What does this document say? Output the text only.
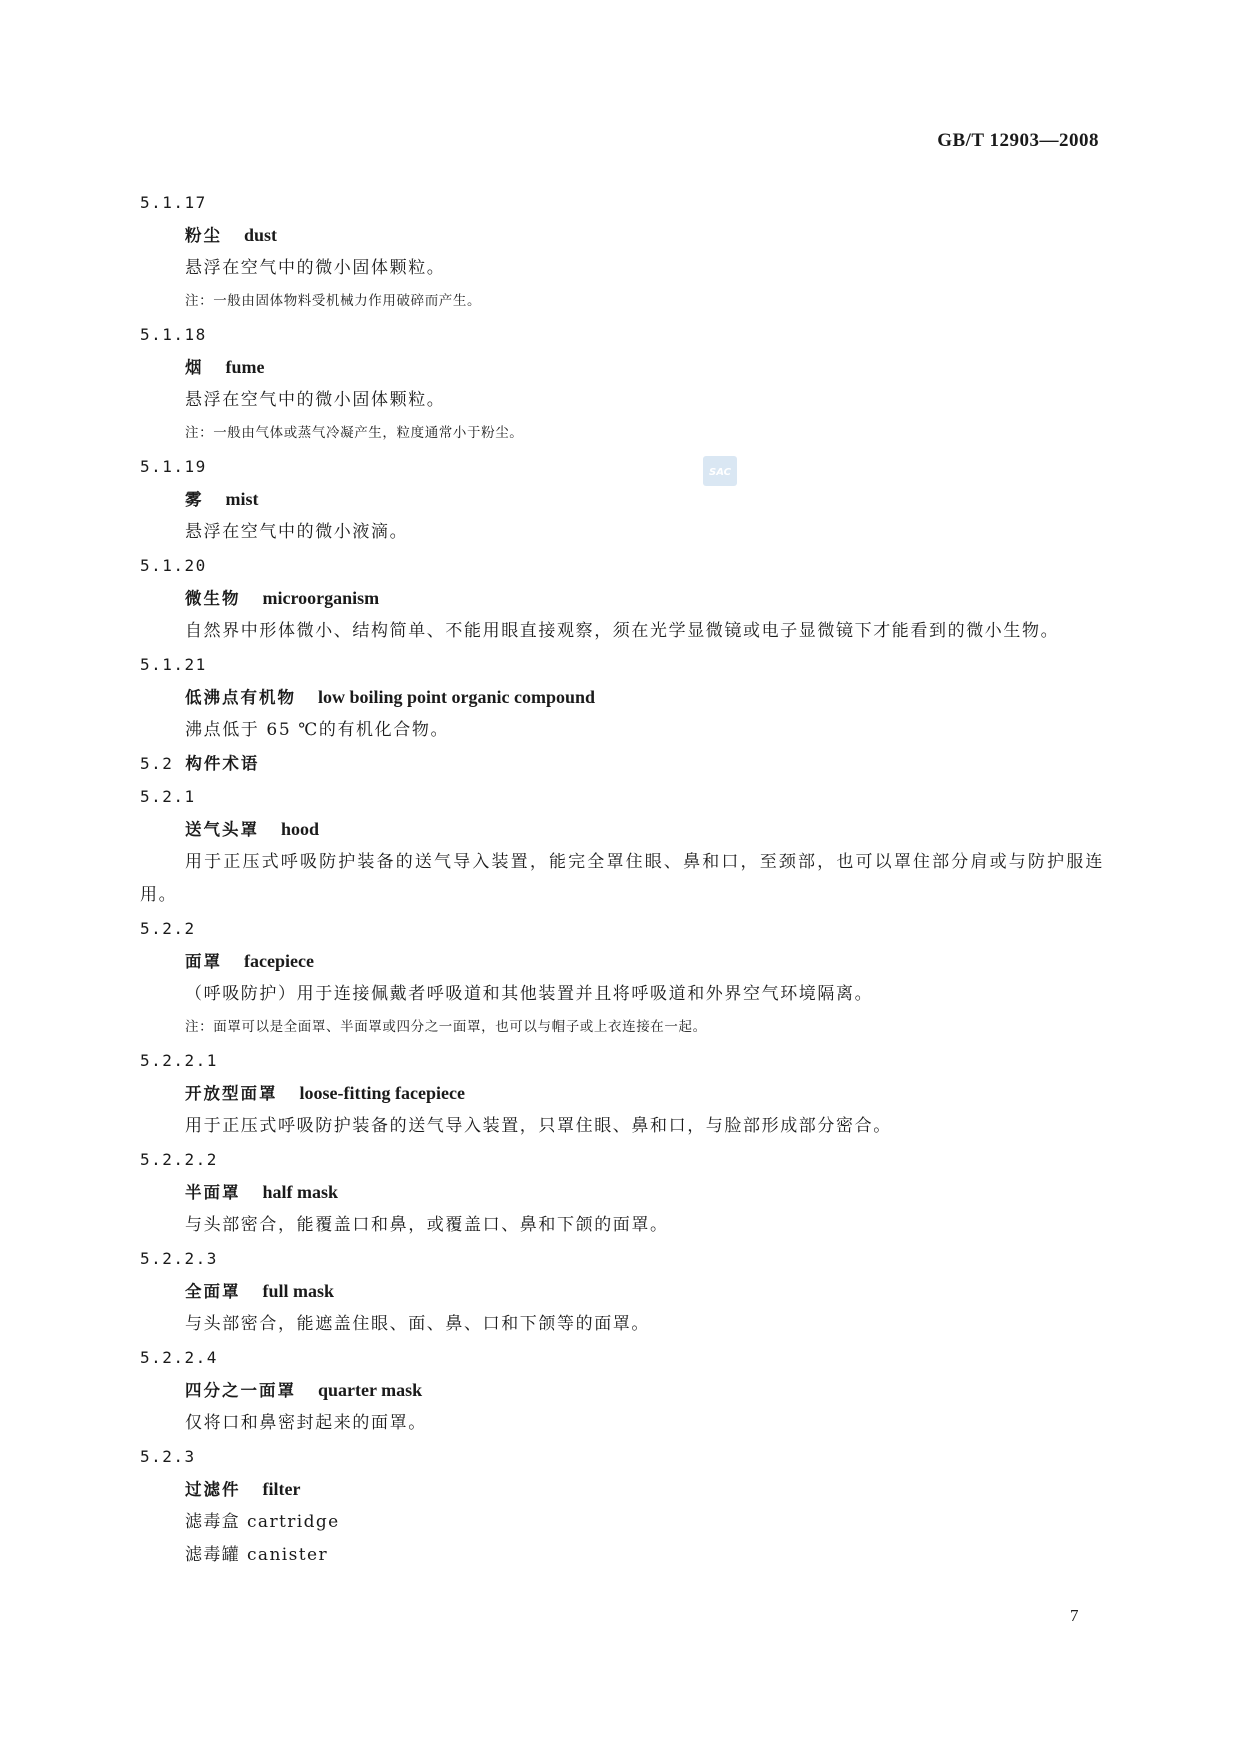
GB/T 12903—2008
SAC
5.1.17
粉尘 dust
悬浮在空气中的微小固体颗粒。
注：一般由固体物料受机械力作用破碎而产生。
5.1.18
烟 fume
悬浮在空气中的微小固体颗粒。
注：一般由气体或蒸气冷凝产生，粒度通常小于粉尘。
5.1.19
雾 mist
悬浮在空气中的微小液滴。
5.1.20
微生物 microorganism
自然界中形体微小、结构简单、不能用眼直接观察，须在光学显微镜或电子显微镜下才能看到的微小生物。
5.1.21
低沸点有机物 low boiling point organic compound
沸点低于 65 ℃的有机化合物。
5.2 构件术语
5.2.1
送气头罩 hood
用于正压式呼吸防护装备的送气导入装置，能完全罩住眼、鼻和口，至颈部，也可以罩住部分肩或与防护服连用。
5.2.2
面罩 facepiece
（呼吸防护）用于连接佩戴者呼吸道和其他装置并且将呼吸道和外界空气环境隔离。
注：面罩可以是全面罩、半面罩或四分之一面罩，也可以与帽子或上衣连接在一起。
5.2.2.1
开放型面罩 loose-fitting facepiece
用于正压式呼吸防护装备的送气导入装置，只罩住眼、鼻和口，与脸部形成部分密合。
5.2.2.2
半面罩 half mask
与头部密合，能覆盖口和鼻，或覆盖口、鼻和下颌的面罩。
5.2.2.3
全面罩 full mask
与头部密合，能遮盖住眼、面、鼻、口和下颌等的面罩。
5.2.2.4
四分之一面罩 quarter mask
仅将口和鼻密封起来的面罩。
5.2.3
过滤件 filter
滤毒盒 cartridge
滤毒罐 canister
7
